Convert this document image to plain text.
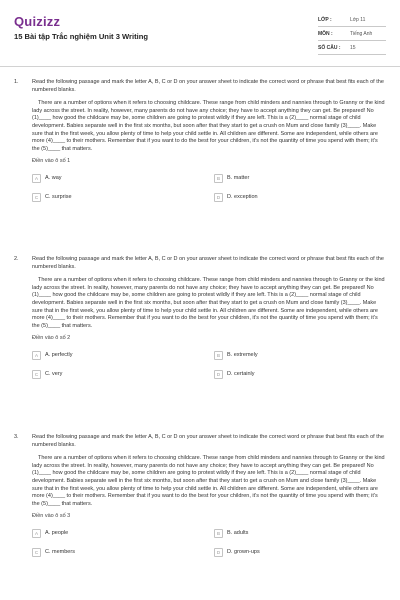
Quizizz
15 Bài tập Trắc nghiệm Unit 3 Writing
LỚP :	Lớp 11
MÔN :	Tiếng Anh
SỐ CÂU :	15
1. Read the following passage and mark the letter A, B, C or D on your answer sheet to indicate the correct word or phrase that best fits each of the numbered blanks.

There are a number of options when it refers to choosing childcare. These range from child minders and nannies through to Granny or the kind lady across the street. In reality, however, many parents do not have any choice; they have to accept anything they can get. Be prepared! No (1)____ how good the childcare may be, some children are going to protest wildly if they are left. This is a (2)____ normal stage of child development. Babies separate well in the first six months, but soon after that they start to get a crush on Mum and close family (3)____. Make sure that in the first week, you allow plenty of time to help your child settle in. All children are different. Some are independent, while others are more (4)____ to their mothers. Remember that if you want to do the best for your children, it's not the quantity of time you spend with them; it's the (5)____ that matters.

Điền vào ô số 1
A	A. way	B	B. matter
C	C. surprise	D	D. exception
2. Read the following passage and mark the letter A, B, C or D on your answer sheet to indicate the correct word or phrase that best fits each of the numbered blanks.

There are a number of options when it refers to choosing childcare. These range from child minders and nannies through to Granny or the kind lady across the street. In reality, however, many parents do not have any choice; they have to accept anything they can get. Be prepared! No (1)____ how good the childcare may be, some children are going to protest wildly if they are left. This is a (2)____ normal stage of child development. Babies separate well in the first six months, but soon after that they start to get a crush on Mum and close family (3)____. Make sure that in the first week, you allow plenty of time to help your child settle in. All children are different. Some are independent, while others are more (4)____ to their mothers. Remember that if you want to do the best for your children, it's not the quantity of time you spend with them; it's the (5)____ that matters.

Điền vào ô số 2
A	A. perfectly	B	B. extremely
C	C. very	D	D. certainly
3. Read the following passage and mark the letter A, B, C or D on your answer sheet to indicate the correct word or phrase that best fits each of the numbered blanks.

There are a number of options when it refers to choosing childcare. These range from child minders and nannies through to Granny or the kind lady across the street. In reality, however, many parents do not have any choice; they have to accept anything they can get. Be prepared! No (1)____ how good the childcare may be, some children are going to protest wildly if they are left. This is a (2)____ normal stage of child development. Babies separate well in the first six months, but soon after that they start to get a crush on Mum and close family (3)____. Make sure that in the first week, you allow plenty of time to help your child settle in. All children are different. Some are independent, while others are more (4)____ to their mothers. Remember that if you want to do the best for your children, it's not the quantity of time you spend with them; it's the (5)____ that matters.

Điền vào ô số 3
A	A. people	B	B. adults
C	C. members	D	D. grown-ups
